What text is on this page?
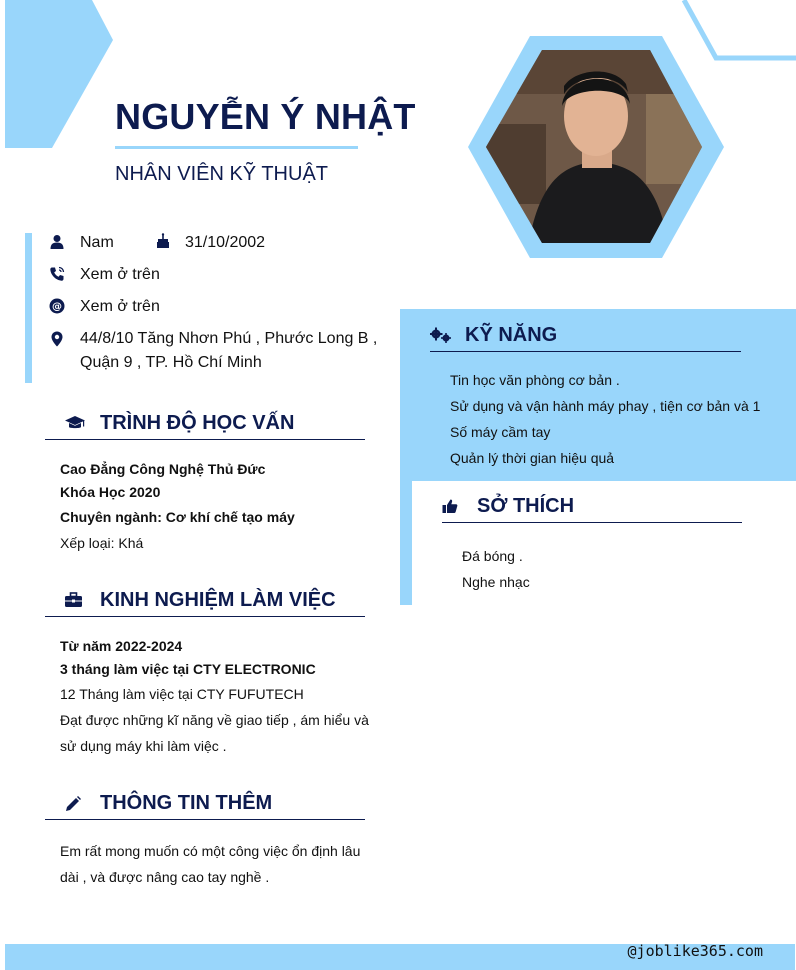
NGUYỄN Ý NHẬT
NHÂN VIÊN KỸ THUẬT
Nam	31/10/2002
Xem ở trên
@ Xem ở trên
44/8/10 Tăng Nhơn Phú , Phước Long B ,
Quận 9 , TP. Hồ Chí Minh
TRÌNH ĐỘ HỌC VẤN
Cao Đẳng Công Nghệ Thủ Đức
Khóa Học 2020
Chuyên ngành: Cơ khí chế tạo máy
Xếp loại: Khá
KINH NGHIỆM LÀM VIỆC
Từ năm 2022-2024
3 tháng làm việc tại CTY ELECTRONIC
12 Tháng làm việc tại CTY FUFUTECH
Đạt được những kĩ năng về giao tiếp , ám hiểu và
sử dụng máy khi làm việc .
THÔNG TIN THÊM
Em rất mong muốn có một công việc ổn định lâu
dài , và được nâng cao tay nghề .
KỸ NĂNG
Tin học văn phòng cơ bản .
Sử dụng và vận hành máy phay , tiện cơ bản và 1
Số máy cầm tay
Quản lý thời gian hiệu quả
SỞ THÍCH
Đá bóng .
Nghe nhạc
@joblike365.com
